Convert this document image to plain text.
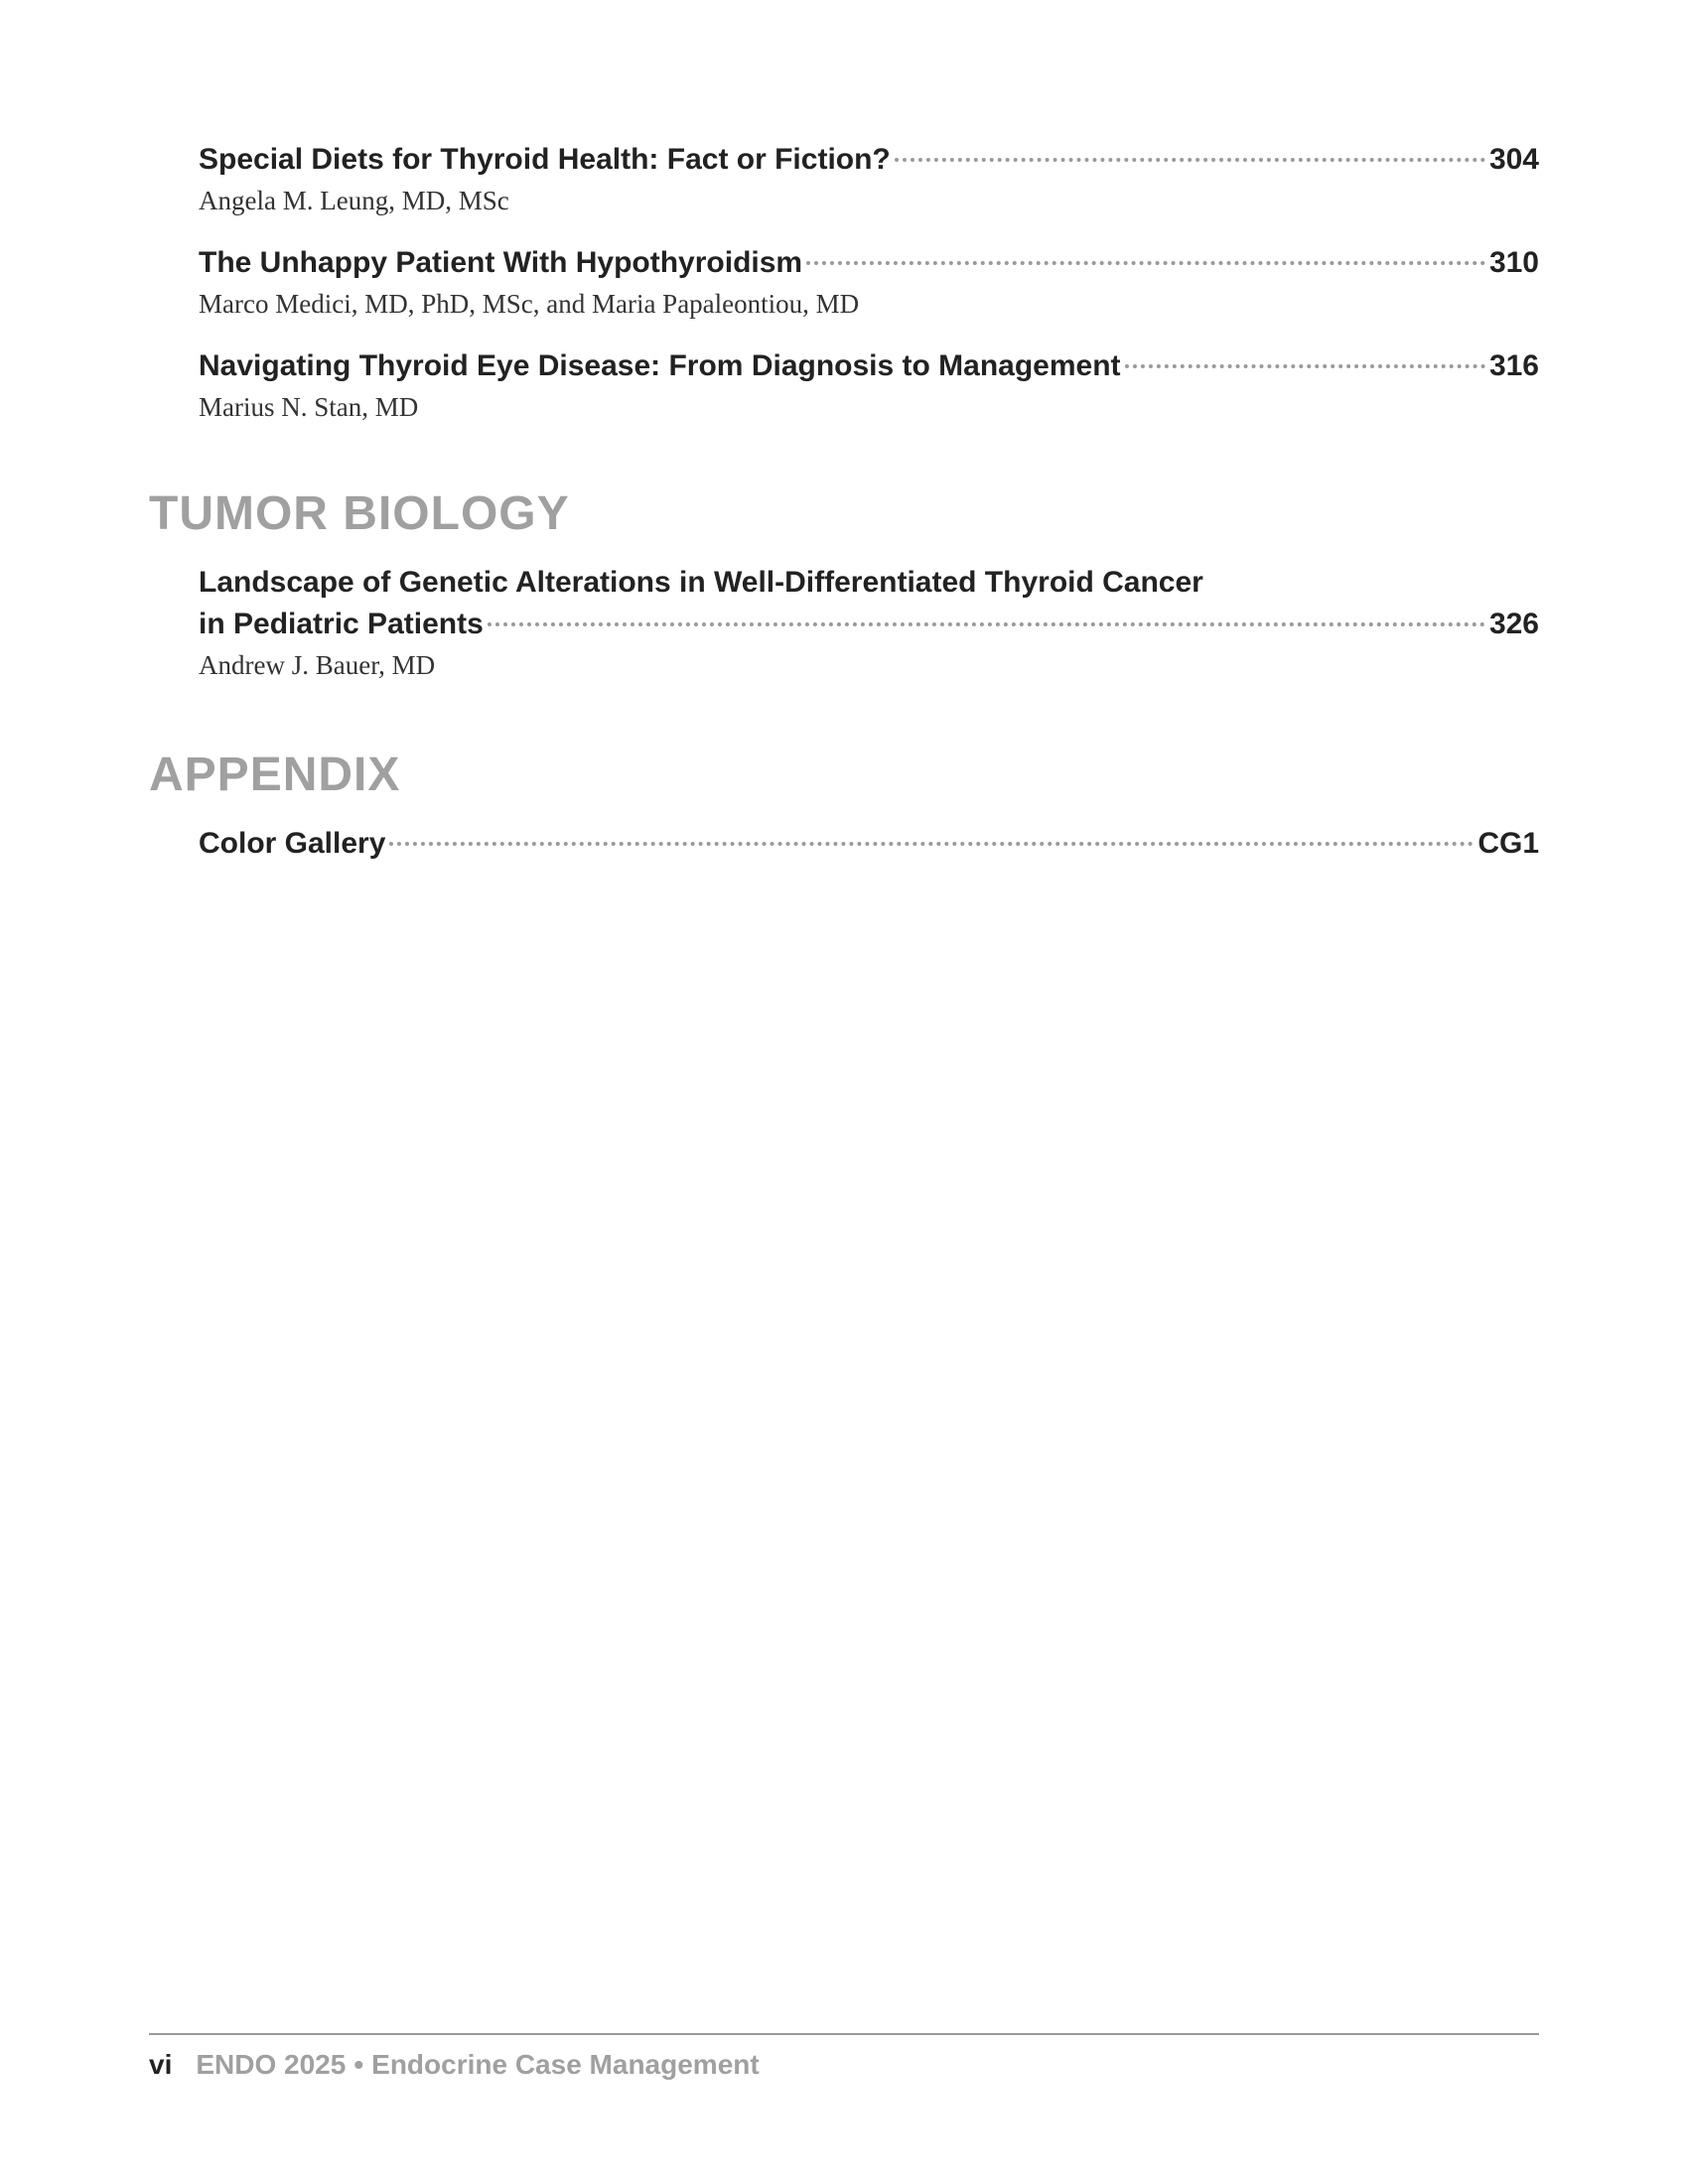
Special Diets for Thyroid Health: Fact or Fiction?	304
Angela M. Leung, MD, MSc
The Unhappy Patient With Hypothyroidism	310
Marco Medici, MD, PhD, MSc, and Maria Papaleontiou, MD
Navigating Thyroid Eye Disease: From Diagnosis to Management	316
Marius N. Stan, MD
TUMOR BIOLOGY
Landscape of Genetic Alterations in Well-Differentiated Thyroid Cancer
in Pediatric Patients	326
Andrew J. Bauer, MD
APPENDIX
Color Gallery	CG1
vi ENDO 2025 • Endocrine Case Management
